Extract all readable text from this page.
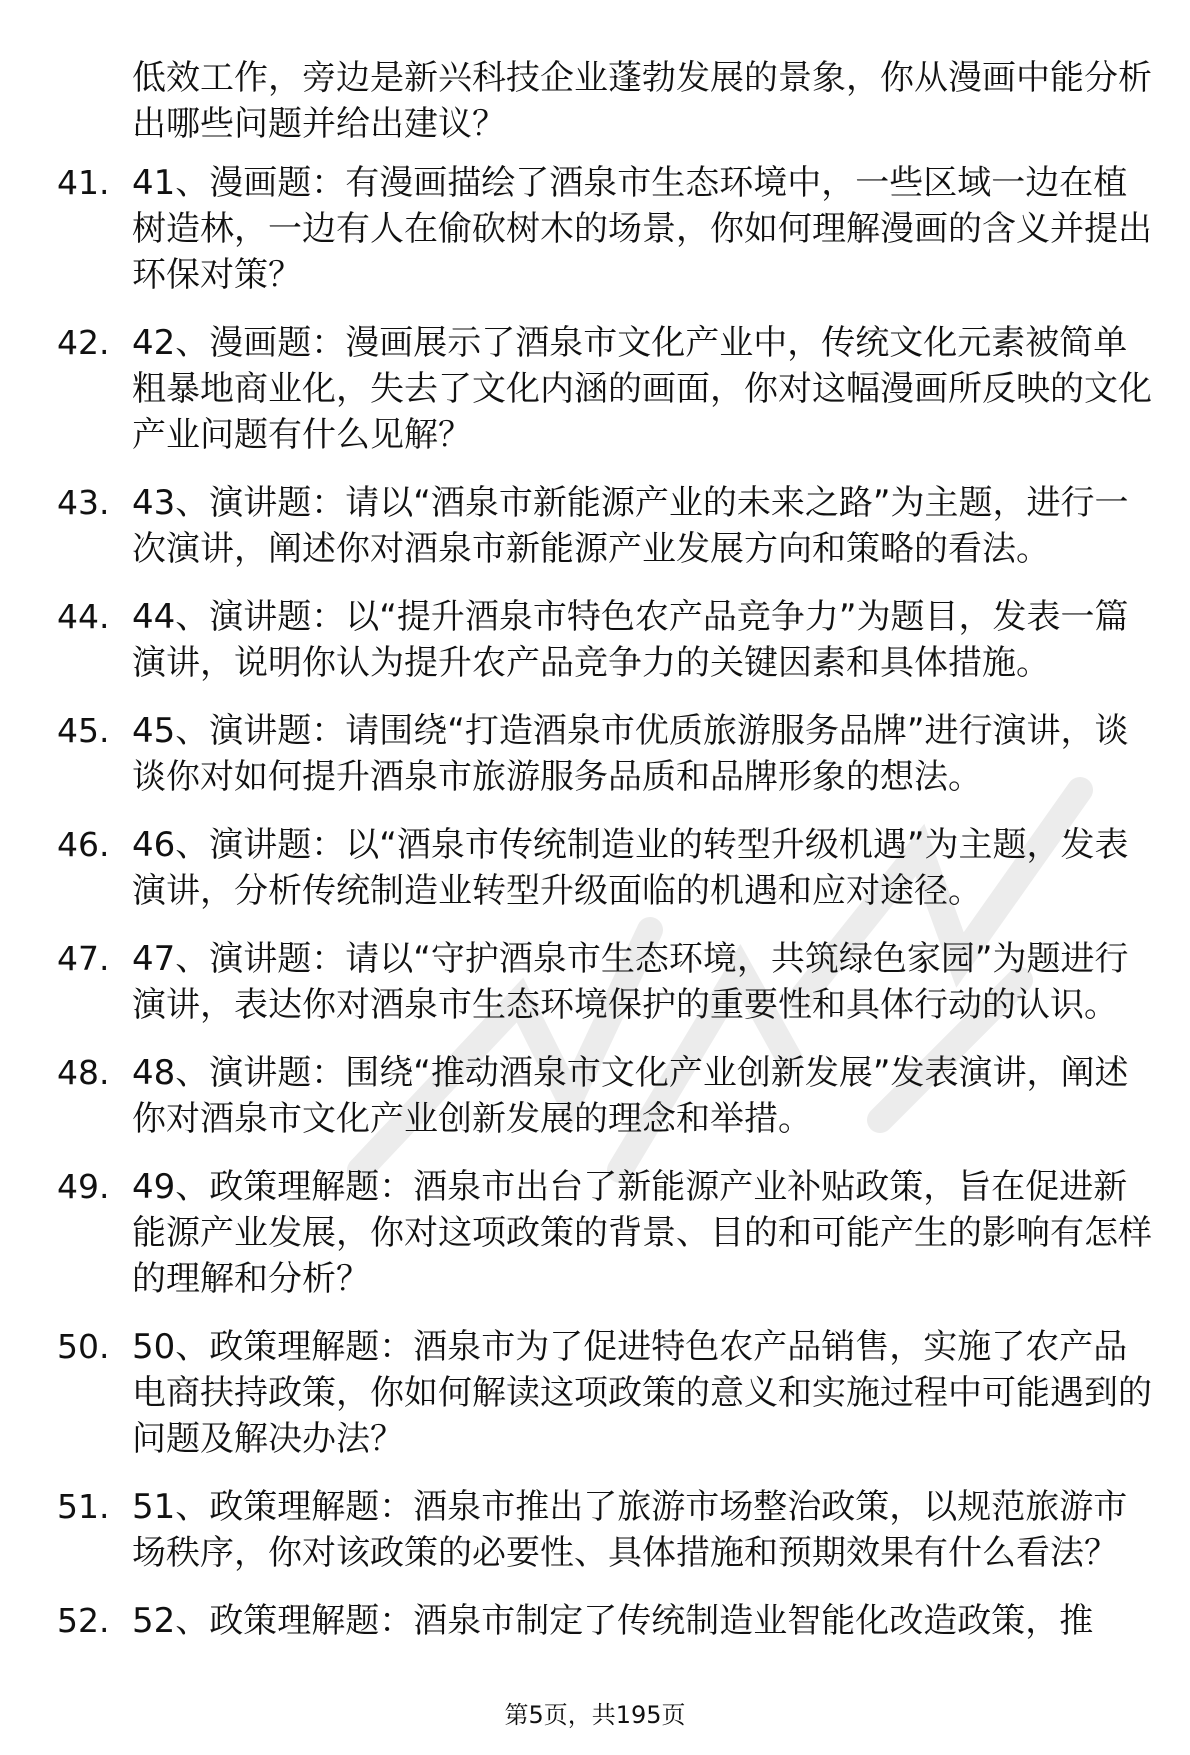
低效工作，旁边是新兴科技企业蓬勃发展的景象，你从漫画中能分析出哪些问题并给出建议？
41. 41、漫画题：有漫画描绘了酒泉市生态环境中，一些区域一边在植树造林，一边有人在偷砍树木的场景，你如何理解漫画的含义并提出环保对策？
42. 42、漫画题：漫画展示了酒泉市文化产业中，传统文化元素被简单粗暴地商业化，失去了文化内涵的画面，你对这幅漫画所反映的文化产业问题有什么见解？
43. 43、演讲题：请以“酒泉市新能源产业的未来之路”为主题，进行一次演讲，阐述你对酒泉市新能源产业发展方向和策略的看法。
44. 44、演讲题：以“提升酒泉市特色农产品竞争力”为题目，发表一篇演讲，说明你认为提升农产品竞争力的关键因素和具体措施。
45. 45、演讲题：请围绕“打造酒泉市优质旅游服务品牌”进行演讲，谈谈你对如何提升酒泉市旅游服务品质和品牌形象的想法。
46. 46、演讲题：以“酒泉市传统制造业的转型升级机遇”为主题，发表演讲，分析传统制造业转型升级面临的机遇和应对途径。
47. 47、演讲题：请以“守护酒泉市生态环境，共筑绿色家园”为题进行演讲，表达你对酒泉市生态环境保护的重要性和具体行动的认识。
48. 48、演讲题：围绕“推动酒泉市文化产业创新发展”发表演讲，阐述你对酒泉市文化产业创新发展的理念和举措。
49. 49、政策理解题：酒泉市出台了新能源产业补贴政策，旨在促进新能源产业发展，你对这项政策的背景、目的和可能产生的影响有怎样的理解和分析？
50. 50、政策理解题：酒泉市为了促进特色农产品销售，实施了农产品电商扶持政策，你如何解读这项政策的意义和实施过程中可能遇到的问题及解决办法？
51. 51、政策理解题：酒泉市推出了旅游市场整治政策，以规范旅游市场秩序，你对该政策的必要性、具体措施和预期效果有什么看法？
52. 52、政策理解题：酒泉市制定了传统制造业智能化改造政策，推
第5页，共195页
